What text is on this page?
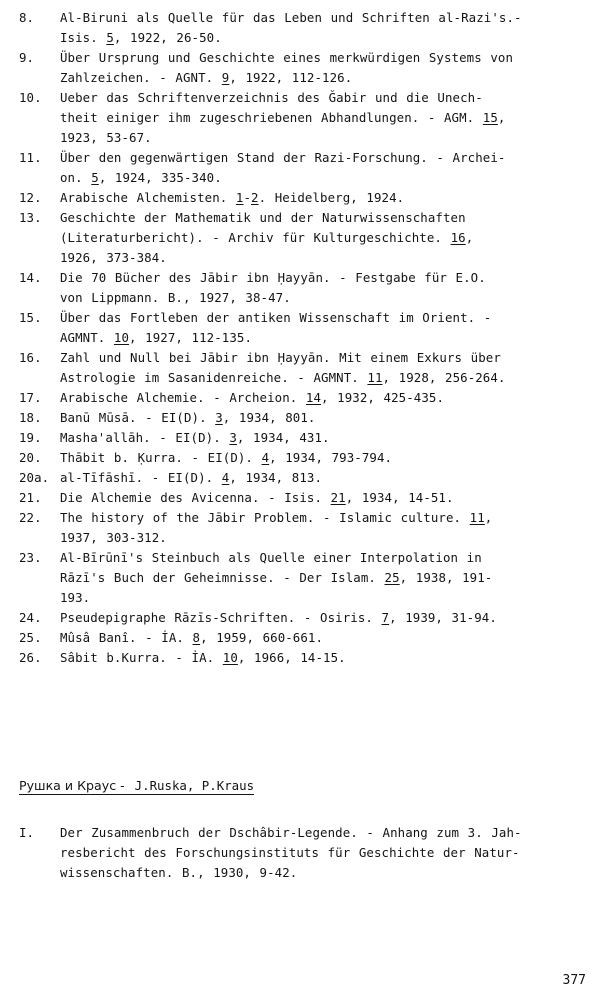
8.	Al-Biruni als Quelle für das Leben und Schriften al-Razi's.-
Isis. 5, 1922, 26-50.
9.	Über Ursprung und Geschichte eines merkwürdigen Systems von
Zahlzeichen. - AGNT. 9, 1922, 112-126.
10.	Ueber das Schriftenverzeichnis des Ǧabir und die Unech-
theit einiger ihm zugeschriebenen Abhandlungen. - AGM. 15,
1923, 53-67.
11.	Über den gegenwärtigen Stand der Razi-Forschung. - Archei-
on. 5, 1924, 335-340.
12.	Arabische Alchemisten. 1-2. Heidelberg, 1924.
13.	Geschichte der Mathematik und der Naturwissenschaften
(Literaturbericht). - Archiv für Kulturgeschichte. 16,
1926, 373-384.
14.	Die 70 Bücher des Jābir ibn Ḥayyān. - Festgabe für E.O.
von Lippmann. B., 1927, 38-47.
15.	Über das Fortleben der antiken Wissenschaft im Orient. -
AGMNT. 10, 1927, 112-135.
16.	Zahl und Null bei Jābir ibn Ḥayyān. Mit einem Exkurs über
Astrologie im Sasanidenreiche. - AGMNT. 11, 1928, 256-264.
17.	Arabische Alchemie. - Archeion. 14, 1932, 425-435.
18.	Banū Mūsā. - EI(D). 3, 1934, 801.
19.	Masha'allāh. - EI(D). 3, 1934, 431.
20.	Thābit b. Ḳurra. - EI(D). 4, 1934, 793-794.
20a. al-Tīfāshī. - EI(D). 4, 1934, 813.
21.	Die Alchemie des Avicenna. - Isis. 21, 1934, 14-51.
22.	The history of the Jābir Problem. - Islamic culture. 11,
1937, 303-312.
23.	Al-Bīrūnī's Steinbuch als Quelle einer Interpolation in
Rāzī's Buch der Geheimnisse. - Der Islam. 25, 1938, 191-
193.
24.	Pseudepigraphe Rāzīs-Schriften. - Osiris. 7, 1939, 31-94.
25.	Mûsâ Banî. - İA. 8, 1959, 660-661.
26.	Sâbit b.Kurra. - İA. 10, 1966, 14-15.
Рушка и Краус - J.Ruska, P.Kraus
I.	Der Zusammenbruch der Dschâbir-Legende. - Anhang zum 3. Jah-
resbericht des Forschungsinstituts für Geschichte der Natur-
wissenschaften. B., 1930, 9-42.
377
